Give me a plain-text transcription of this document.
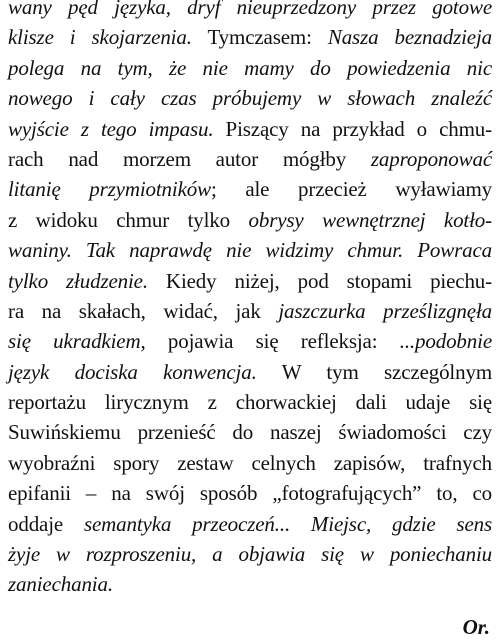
wany pęd języka, dryf nieuprzedzony przez gotowe
klisze i skojarzenia. Tymczasem: Nasza beznadzieja
polega na tym, że nie mamy do powiedzenia nic
nowego i cały czas próbujemy w słowach znaleźć
wyjście z tego impasu. Piszący na przykład o chmu-
rach nad morzem autor mógłby zaproponować
litanię przymiotników; ale przecież wyławiamy
z widoku chmur tylko obrysy wewnętrznej kotło-
waniny. Tak naprawdę nie widzimy chmur. Powraca
tylko złudzenie. Kiedy niżej, pod stopami piechu-
ra na skałach, widać, jak jaszczurka prześlizgnęła
się ukradkiem, pojawia się refleksja: ...podobnie
język dociska konwencja. W tym szczególnym
reportażu lirycznym z chorwackiej dali udaje się
Suwińskiemu przenieść do naszej świadomości czy
wyobraźni spory zestaw celnych zapisów, trafnych
epifanii – na swój sposób „fotografujących” to, co
oddaje semantyka przeoczeń... Miejsc, gdzie sens
żyje w rozproszeniu, a objawia się w poniechaniu
zaniechania.
Or.
